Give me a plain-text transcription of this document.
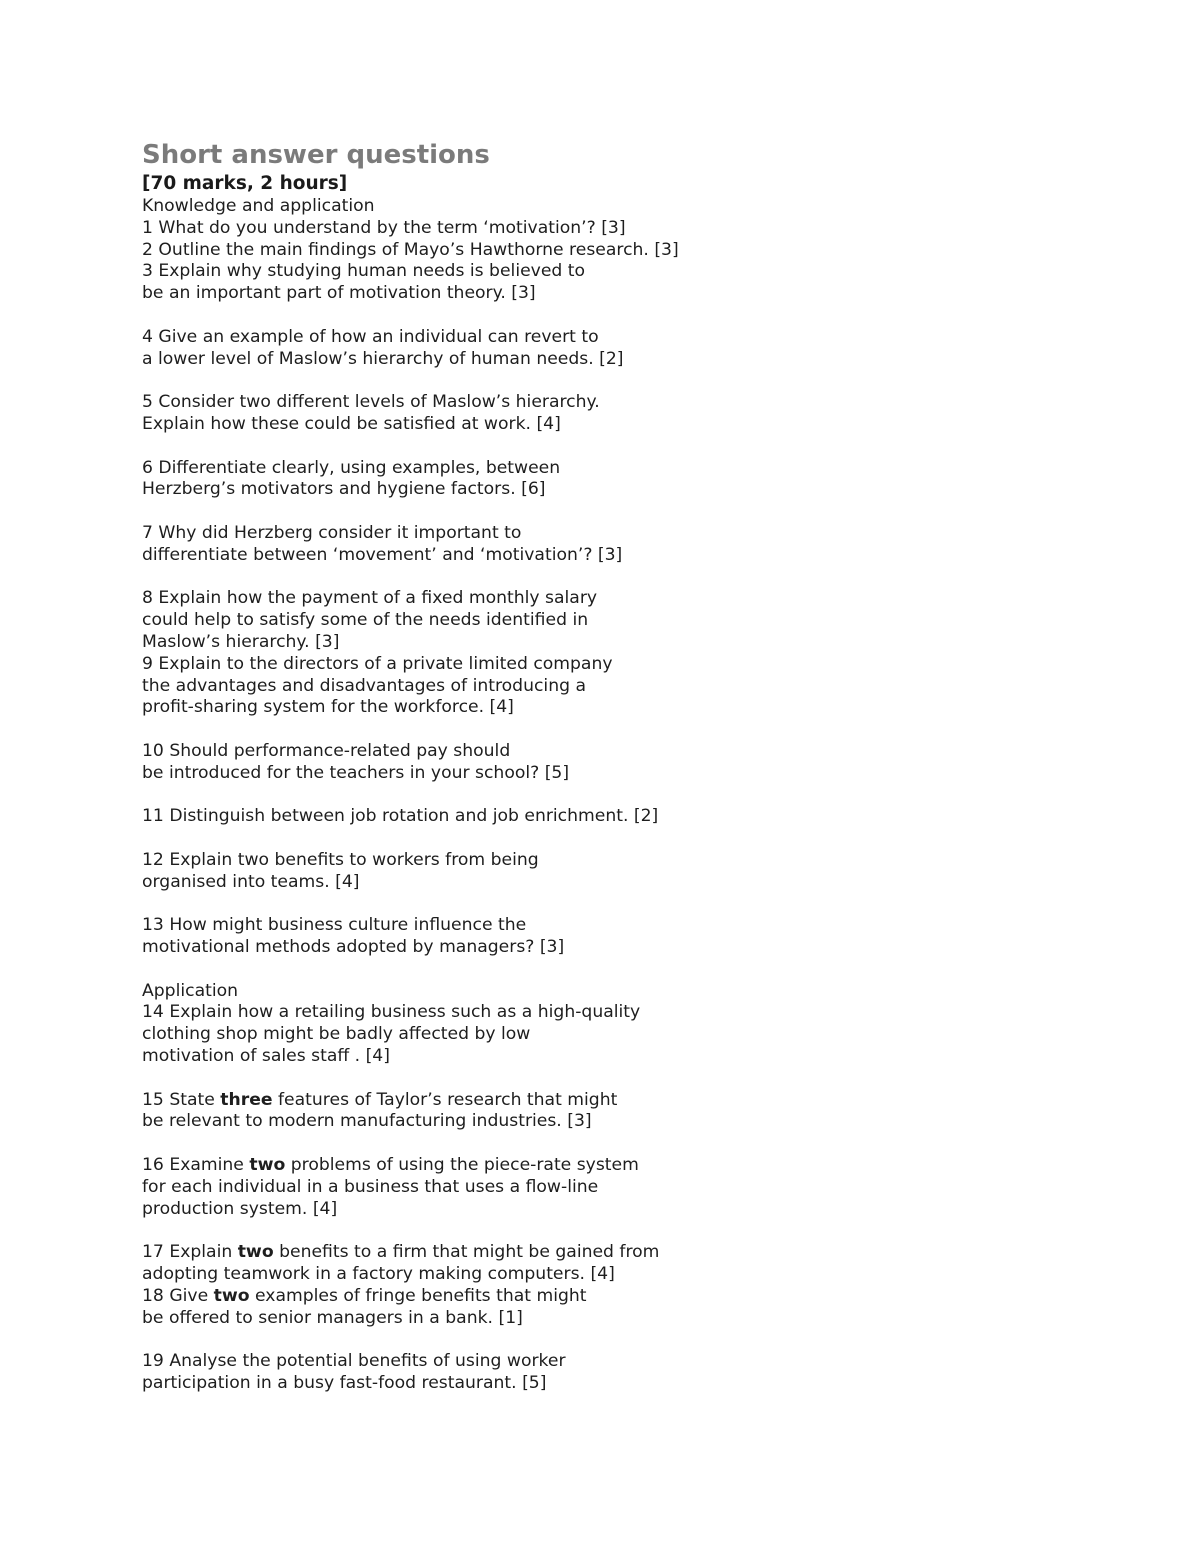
Short answer questions
[70 marks, 2 hours]
Knowledge and application
1 What do you understand by the term ‘motivation’? [3]
2 Outline the main findings of Mayo’s Hawthorne research. [3]
3 Explain why studying human needs is believed to
be an important part of motivation theory. [3]
4 Give an example of how an individual can revert to
a lower level of Maslow’s hierarchy of human needs. [2]
5 Consider two different levels of Maslow’s hierarchy.
Explain how these could be satisfied at work. [4]
6 Differentiate clearly, using examples, between
Herzberg’s motivators and hygiene factors. [6]
7 Why did Herzberg consider it important to
differentiate between ‘movement’ and ‘motivation’? [3]
8 Explain how the payment of a fixed monthly salary
could help to satisfy some of the needs identified in
Maslow’s hierarchy. [3]
9 Explain to the directors of a private limited company
the advantages and disadvantages of introducing a
profit-sharing system for the workforce. [4]
10 Should performance-related pay should
be introduced for the teachers in your school? [5]
11 Distinguish between job rotation and job enrichment. [2]
12 Explain two benefits to workers from being
organised into teams. [4]
13 How might business culture influence the
motivational methods adopted by managers? [3]
Application
14 Explain how a retailing business such as a high-quality
clothing shop might be badly affected by low
motivation of sales staff . [4]
15 State three features of Taylor’s research that might
be relevant to modern manufacturing industries. [3]
16 Examine two problems of using the piece-rate system
for each individual in a business that uses a flow-line
production system. [4]
17 Explain two benefits to a firm that might be gained from
adopting teamwork in a factory making computers. [4]
18 Give two examples of fringe benefits that might
be offered to senior managers in a bank. [1]
19 Analyse the potential benefits of using worker
participation in a busy fast-food restaurant. [5]
